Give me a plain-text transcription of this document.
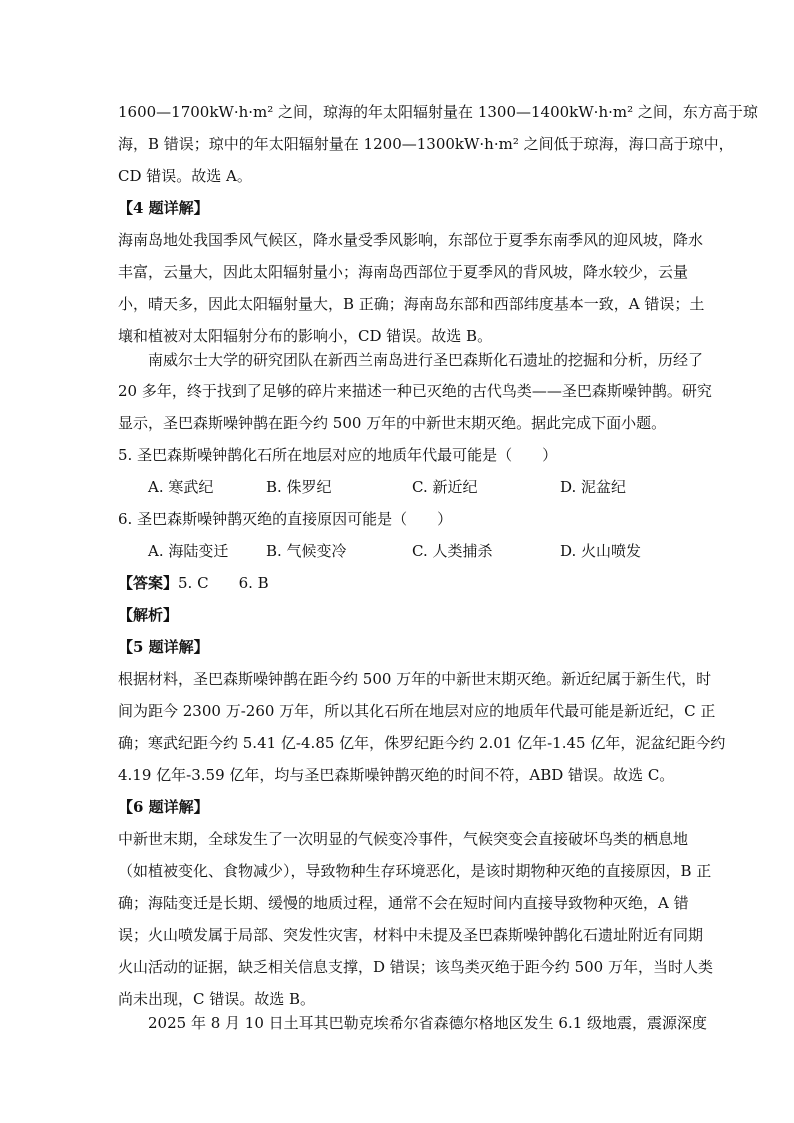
1600—1700kW·h·m² 之间，琼海的年太阳辐射量在 1300—1400kW·h·m² 之间，东方高于琼
海，B 错误；琼中的年太阳辐射量在 1200—1300kW·h·m² 之间低于琼海，海口高于琼中，
CD 错误。故选 A。
【4 题详解】
海南岛地处我国季风气候区，降水量受季风影响，东部位于夏季东南季风的迎风坡，降水
丰富，云量大，因此太阳辐射量小；海南岛西部位于夏季风的背风坡，降水较少，云量
小，晴天多，因此太阳辐射量大，B 正确；海南岛东部和西部纬度基本一致，A 错误；土
壤和植被对太阳辐射分布的影响小，CD 错误。故选 B。
南威尔士大学的研究团队在新西兰南岛进行圣巴森斯化石遗址的挖掘和分析，历经了
20 多年，终于找到了足够的碎片来描述一种已灭绝的古代鸟类——圣巴森斯噪钟鹊。研究
显示，圣巴森斯噪钟鹊在距今约 500 万年的中新世末期灭绝。据此完成下面小题。
5. 圣巴森斯噪钟鹊化石所在地层对应的地质年代最可能是（　　）
A. 寒武纪	B. 侏罗纪	C. 新近纪	D. 泥盆纪
6. 圣巴森斯噪钟鹊灭绝的直接原因可能是（　　）
A. 海陆变迁	B. 气候变冷	C. 人类捕杀	D. 火山喷发
【答案】5. C　　6. B
【解析】
【5 题详解】
根据材料，圣巴森斯噪钟鹊在距今约 500 万年的中新世末期灭绝。新近纪属于新生代，时
间为距今 2300 万-260 万年，所以其化石所在地层对应的地质年代最可能是新近纪，C 正
确；寒武纪距今约 5.41 亿-4.85 亿年，侏罗纪距今约 2.01 亿年-1.45 亿年，泥盆纪距今约
4.19 亿年-3.59 亿年，均与圣巴森斯噪钟鹊灭绝的时间不符，ABD 错误。故选 C。
【6 题详解】
中新世末期，全球发生了一次明显的气候变冷事件，气候突变会直接破坏鸟类的栖息地
（如植被变化、食物减少），导致物种生存环境恶化，是该时期物种灭绝的直接原因，B 正
确；海陆变迁是长期、缓慢的地质过程，通常不会在短时间内直接导致物种灭绝，A 错
误；火山喷发属于局部、突发性灾害，材料中未提及圣巴森斯噪钟鹊化石遗址附近有同期
火山活动的证据，缺乏相关信息支撑，D 错误；该鸟类灭绝于距今约 500 万年，当时人类
尚未出现，C 错误。故选 B。
2025 年 8 月 10 日土耳其巴勒克埃希尔省森德尔格地区发生 6.1 级地震，震源深度
